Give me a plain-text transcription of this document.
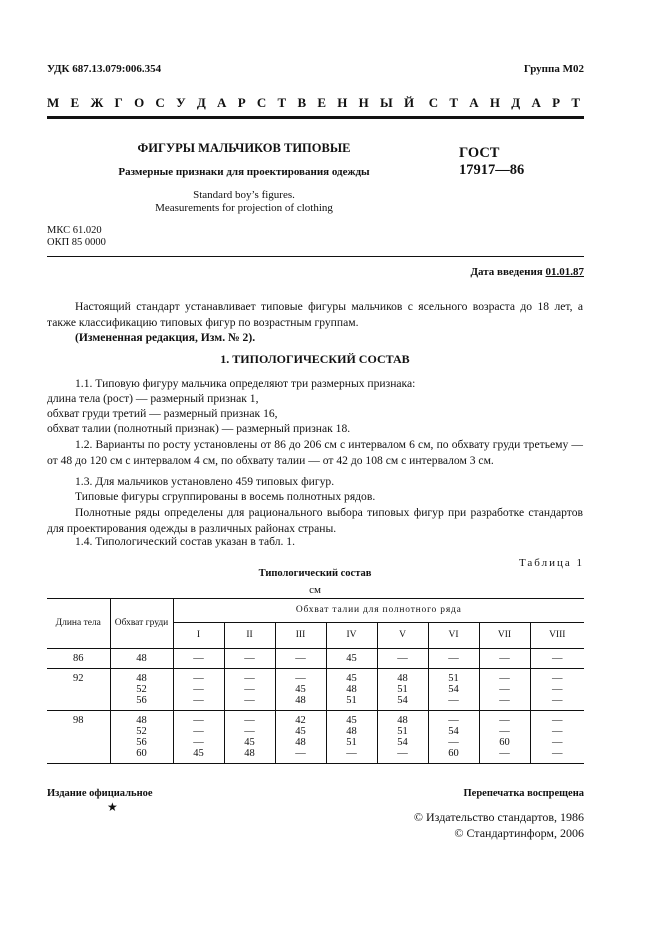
УДК 687.13.079:006.354	Группа М02
М Е Ж Г О С У Д А Р С Т В Е Н Н Ы Й С Т А Н Д А Р Т
ФИГУРЫ МАЛЬЧИКОВ ТИПОВЫЕ
Размерные признаки для проектирования одежды
Standard boy’s figures.
Measurements for projection of clothing
ГОСТ
17917—86
МКС 61.020
ОКП 85 0000
Дата введения 01.01.87
Настоящий стандарт устанавливает типовые фигуры мальчиков с ясельного возраста до 18 лет, а также классификацию типовых фигур по возрастным группам.
(Измененная редакция, Изм. № 2).
1. ТИПОЛОГИЧЕСКИЙ СОСТАВ
1.1. Типовую фигуру мальчика определяют три размерных признака:
длина тела (рост) — размерный признак 1,
обхват груди третий — размерный признак 16,
обхват талии (полнотный признак) — размерный признак 18.
1.2. Варианты по росту установлены от 86 до 206 см с интервалом 6 см, по обхвату груди третьему — от 48 до 120 см с интервалом 4 см, по обхвату талии — от 42 до 108 см с интервалом 3 см.
1.3. Для мальчиков установлено 459 типовых фигур.
Типовые фигуры сгруппированы в восемь полнотных рядов.
Полнотные ряды определены для рационального выбора типовых фигур при разработке стандартов для проектирования одежды в различных районах страны.
1.4. Типологический состав указан в табл. 1.
Таблица 1
Типологический состав
см
Длина тела	Обхват груди	Обхват талии для полнотного ряда							
		I	II	III	IV	V	VI	VII	VIII
86	48	—	—	—	45	—	—	—	—
92	48	—	—	—	45	48	51	—	—
	52	—	—	45	48	51	54	—	—
	56	—	—	48	51	54	—	—	—
98	48	—	—	42	45	48	—	—	—
	52	—	—	45	48	51	54	—	—
	56	—	45	48	51	54	—	60	—
	60	45	48	—	—	—	60	—	—
Издание официальное
★
Перепечатка воспрещена
© Издательство стандартов, 1986
© Стандартинформ, 2006
